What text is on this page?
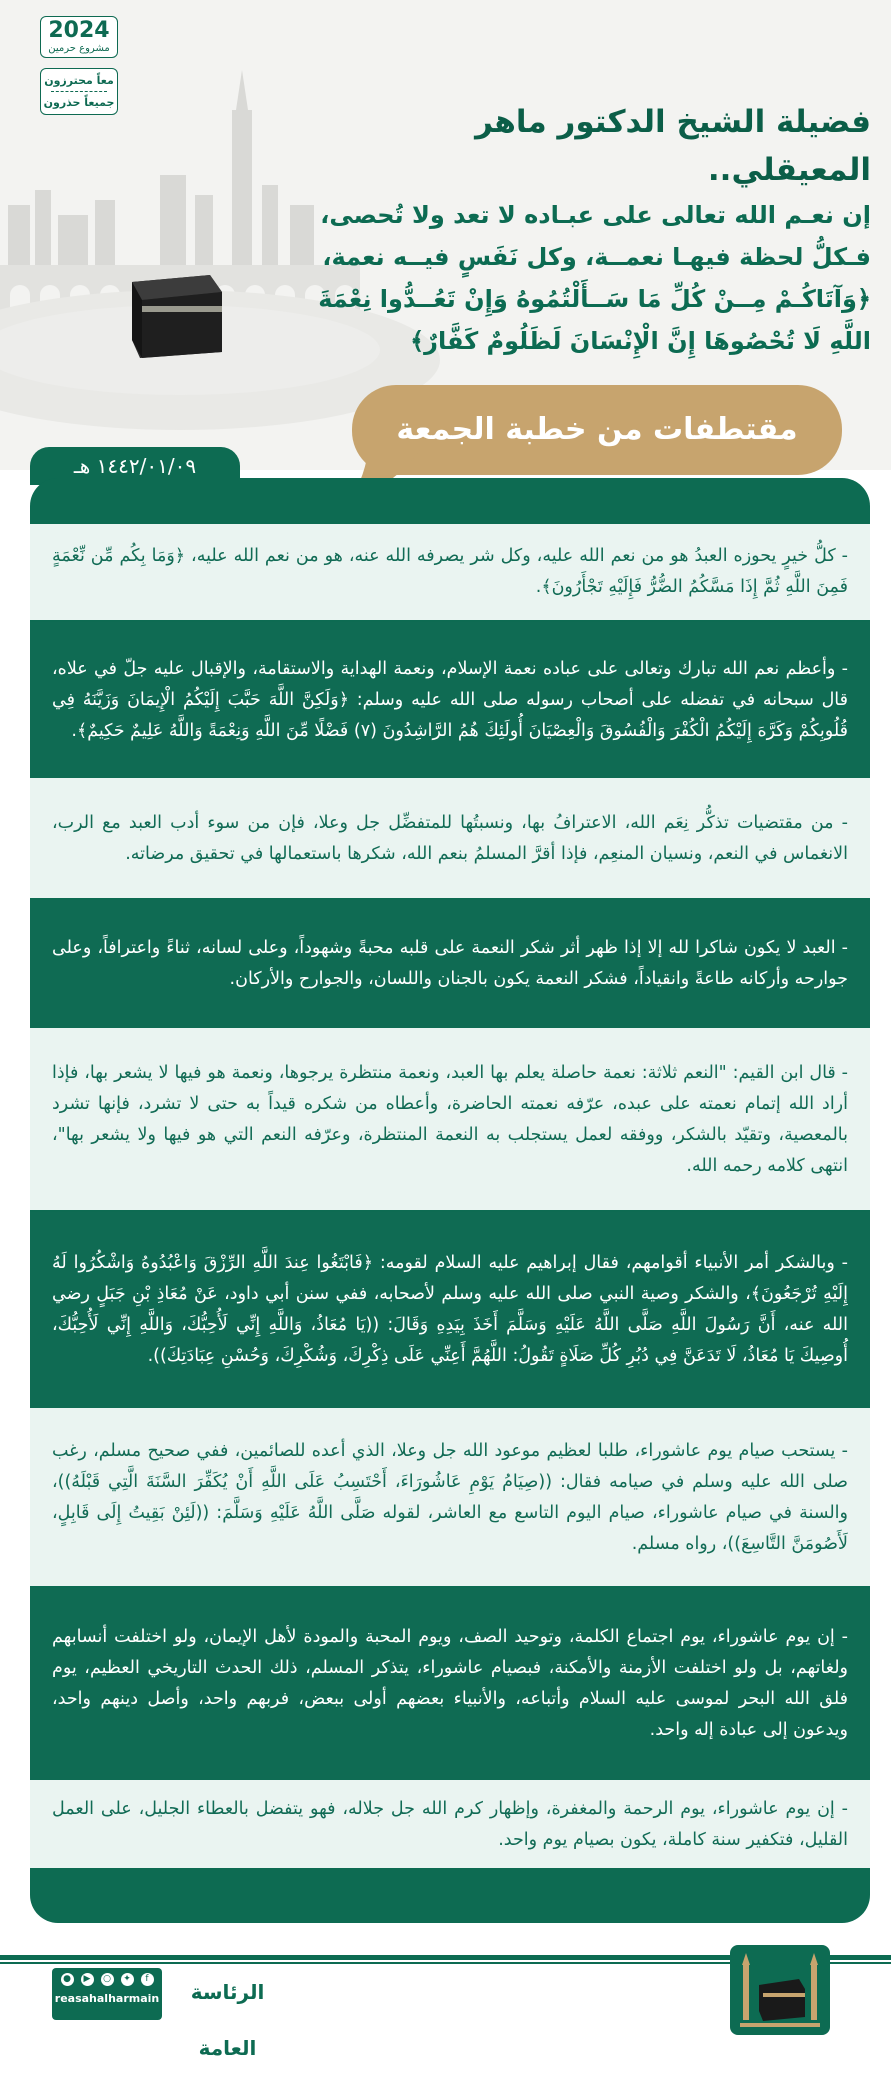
2024
مشروع حرمين
معاً محترزون
جميعاً حذرون
فضيلة الشيخ الدكتور ماهر المعيقلي..
إن نعـم الله تعالى على عبـاده لا تعد ولا تُحصى،
فـكلُّ لحظة فيهـا نعمــة، وكل نَفَسٍ فيــه نعمة،
﴿وَآتَاكُـمْ مِــنْ كُلِّ مَا سَــأَلْتُمُوهُ وَإِنْ تَعُــدُّوا نِعْمَةَ
اللَّهِ لَا تُحْصُوهَا إِنَّ الْإِنْسَانَ لَظَلُومٌ كَفَّارٌ﴾
مقتطفات من خطبة الجمعة
١٤٤٢/٠١/٠٩ هـ
- كلُّ خيرٍ يحوزه العبدُ هو من نعم الله عليه، وكل شر يصرفه الله عنه، هو من نعم الله عليه، ﴿وَمَا بِكُم مِّن نِّعْمَةٍ فَمِنَ اللَّهِ ثُمَّ إِذَا مَسَّكُمُ الضُّرُّ فَإِلَيْهِ تَجْأَرُونَ﴾.
- وأعظم نعم الله تبارك وتعالى على عباده نعمة الإسلام، ونعمة الهداية والاستقامة، والإقبال عليه جلّ في علاه، قال سبحانه في تفضله على أصحاب رسوله صلى الله عليه وسلم: ﴿وَلَكِنَّ اللَّهَ حَبَّبَ إِلَيْكُمُ الْإِيمَانَ وَزَيَّنَهُ فِي قُلُوبِكُمْ وَكَرَّهَ إِلَيْكُمُ الْكُفْرَ وَالْفُسُوقَ وَالْعِصْيَانَ أُولَئِكَ هُمُ الرَّاشِدُونَ (٧) فَضْلًا مِّنَ اللَّهِ وَنِعْمَةً وَاللَّهُ عَلِيمٌ حَكِيمٌ﴾.
- من مقتضيات تذكُّر نِعَم الله، الاعترافُ بها، ونسبتُها للمتفضِّل جل وعلا، فإن من سوء أدب العبد مع الرب، الانغماس في النعم، ونسيان المنعِم، فإذا أقرَّ المسلمُ بنعم الله، شكرها باستعمالها في تحقيق مرضاته.
- العبد لا يكون شاكرا لله إلا إذا ظهر أثر شكر النعمة على قلبه محبةً وشهوداً، وعلى لسانه، ثناءً واعترافاً، وعلى جوارحه وأركانه طاعةً وانقياداً، فشكر النعمة يكون بالجنان واللسان، والجوارح والأركان.
- قال ابن القيم: "النعم ثلاثة: نعمة حاصلة يعلم بها العبد، ونعمة منتظرة يرجوها، ونعمة هو فيها لا يشعر بها، فإذا أراد الله إتمام نعمته على عبده، عرّفه نعمته الحاضرة، وأعطاه من شكره قيداً به حتى لا تشرد، فإنها تشرد بالمعصية، وتقيّد بالشكر، ووفقه لعمل يستجلب به النعمة المنتظرة، وعرّفه النعم التي هو فيها ولا يشعر بها"، انتهى كلامه رحمه الله.
- وبالشكر أمر الأنبياء أقوامهم، فقال إبراهيم عليه السلام لقومه: ﴿فَابْتَغُوا عِندَ اللَّهِ الرِّزْقَ وَاعْبُدُوهُ وَاشْكُرُوا لَهُ إِلَيْهِ تُرْجَعُونَ﴾، والشكر وصية النبي صلى الله عليه وسلم لأصحابه، ففي سنن أبي داود، عَنْ مُعَاذِ بْنِ جَبَلٍ رضي الله عنه، أَنَّ رَسُولَ اللَّهِ صَلَّى اللَّهُ عَلَيْهِ وَسَلَّمَ أَخَذَ بِيَدِهِ وَقَالَ: ((يَا مُعَاذُ، وَاللَّهِ إِنِّي لَأُحِبُّكَ، وَاللَّهِ إِنِّي لَأُحِبُّكَ، أُوصِيكَ يَا مُعَاذُ، لَا تَدَعَنَّ فِي دُبُرِ كُلِّ صَلَاةٍ تَقُولُ: اللَّهُمَّ أَعِنِّي عَلَى ذِكْرِكَ، وَشُكْرِكَ، وَحُسْنِ عِبَادَتِكَ)).
- يستحب صيام يوم عاشوراء، طلبا لعظيم موعود الله جل وعلا، الذي أعده للصائمين، ففي صحيح مسلم، رغب صلى الله عليه وسلم في صيامه فقال: ((صِيَامُ يَوْمِ عَاشُورَاءَ، أَحْتَسِبُ عَلَى اللَّهِ أَنْ يُكَفِّرَ السَّنَةَ الَّتِي قَبْلَهُ))، والسنة في صيام عاشوراء، صيام اليوم التاسع مع العاشر، لقوله صَلَّى اللَّهُ عَلَيْهِ وَسَلَّمَ: ((لَئِنْ بَقِيتُ إِلَى قَابِلٍ، لَأَصُومَنَّ التَّاسِعَ))، رواه مسلم.
- إن يوم عاشوراء، يوم اجتماع الكلمة، وتوحيد الصف، ويوم المحبة والمودة لأهل الإيمان، ولو اختلفت أنسابهم ولغاتهم، بل ولو اختلفت الأزمنة والأمكنة، فبصيام عاشوراء، يتذكر المسلم، ذلك الحدث التاريخي العظيم، يوم فلق الله البحر لموسى عليه السلام وأتباعه، والأنبياء بعضهم أولى ببعض، فربهم واحد، وأصل دينهم واحد، ويدعون إلى عبادة إله واحد.
- إن يوم عاشوراء، يوم الرحمة والمغفرة، وإظهار كرم الله جل جلاله، فهو يتفضل بالعطاء الجليل، على العمل القليل، فتكفير سنة كاملة، يكون بصيام يوم واحد.
●	▶	○	✦	f
reasahalharmain	الرئاسة العامة
